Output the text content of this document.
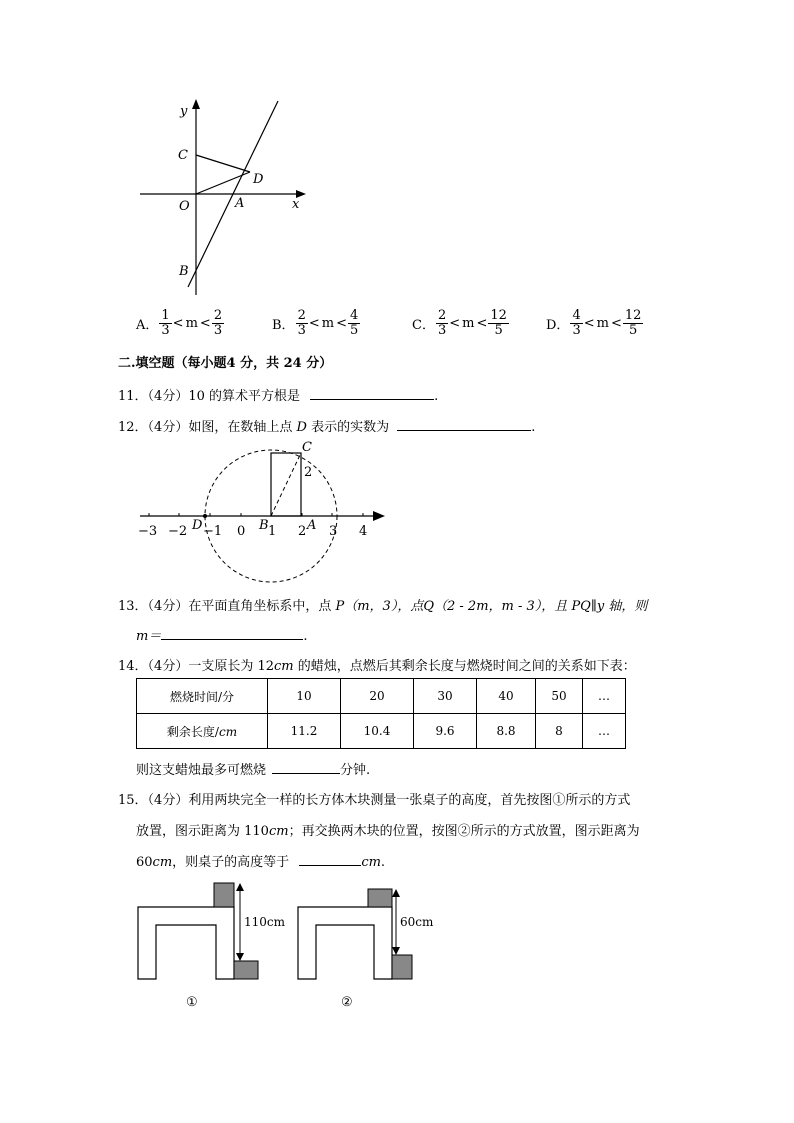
y
C
D
O	A	x
B
A． $\frac{1}{3} < m < \frac{2}{3}$	B． $\frac{2}{3} < m < \frac{4}{5}$	C． $\frac{2}{3} < m < \frac{12}{5}$	D． $\frac{4}{3} < m < \frac{12}{5}$
二.填空题（每小题4 分，共 24 分）
11．（4分）10 的算术平方根是	.
12．（4分）如图，在数轴上点 D 表示的实数为	.
−3 −2 −1 0 1 2 3 4
2
C
D	B	A
13．（4分）在平面直角坐标系中，点 P（m，3），点Q（2 - 2m，m - 3），且 PQ∥y 轴，则
m＝	.
14．（4分）一支原长为 12cm 的蜡烛，点燃后其剩余长度与燃烧时间之间的关系如下表：
燃烧时间/分	10	20	30	40	50	…
剩余长度/cm	11.2	10.4	9.6	8.8	8	…
则这支蜡烛最多可燃烧	分钟.
15．（4分）利用两块完全一样的长方体木块测量一张桌子的高度，首先按图①所示的方式
放置，图示距离为 110cm；再交换两木块的位置，按图②所示的方式放置，图示距离为
60cm，则桌子的高度等于	cm.
110cm
①
60cm
②
